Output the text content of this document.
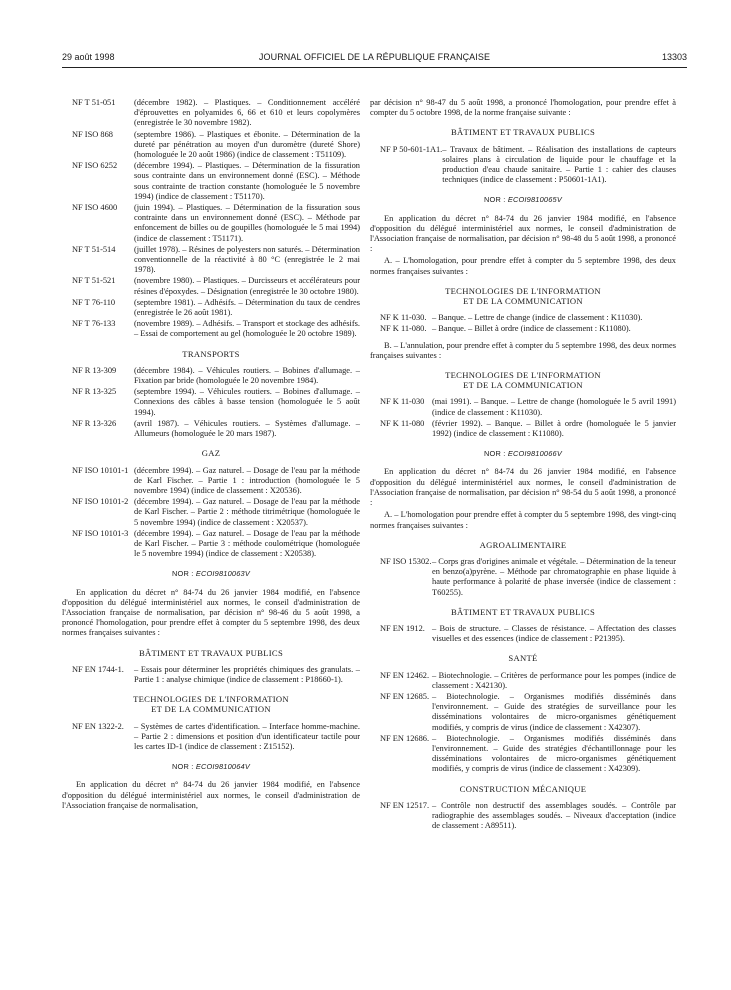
29 août 1998	JOURNAL OFFICIEL DE LA RÉPUBLIQUE FRANÇAISE	13303
NF T 51-051	(décembre 1982). – Plastiques. – Conditionnement accéléré d'éprouvettes en polyamides 6, 66 et 610 et leurs copolymères (enregistrée le 30 novembre 1982).
NF ISO 868	(septembre 1986). – Plastiques et ébonite. – Détermination de la dureté par pénétration au moyen d'un duromètre (dureté Shore) (homologuée le 20 août 1986) (indice de classement : T51109).
NF ISO 6252	(décembre 1994). – Plastiques. – Détermination de la fissuration sous contrainte dans un environnement donné (ESC). – Méthode sous contrainte de traction constante (homologuée le 5 novembre 1994) (indice de classement : T51170).
NF ISO 4600	(juin 1994). – Plastiques. – Détermination de la fissuration sous contrainte dans un environnement donné (ESC). – Méthode par enfoncement de billes ou de goupilles (homologuée le 5 mai 1994) (indice de classement : T51171).
NF T 51-514	(juillet 1978). – Résines de polyesters non saturés. – Détermination conventionnelle de la réactivité à 80 °C (enregistrée le 2 mai 1978).
NF T 51-521	(novembre 1980). – Plastiques. – Durcisseurs et accélérateurs pour résines d'époxydes. – Désignation (enregistrée le 30 octobre 1980).
NF T 76-110	(septembre 1981). – Adhésifs. – Détermination du taux de cendres (enregistrée le 26 août 1981).
NF T 76-133	(novembre 1989). – Adhésifs. – Transport et stockage des adhésifs. – Essai de comportement au gel (homologuée le 20 octobre 1989).
TRANSPORTS
NF R 13-309	(décembre 1984). – Véhicules routiers. – Bobines d'allumage. – Fixation par bride (homologuée le 20 novembre 1984).
NF R 13-325	(septembre 1994). – Véhicules routiers. – Bobines d'allumage. – Connexions des câbles à basse tension (homologuée le 5 août 1994).
NF R 13-326	(avril 1987). – Véhicules routiers. – Systèmes d'allumage. – Allumeurs (homologuée le 20 mars 1987).
GAZ
NF ISO 10101-1 (décembre 1994). – Gaz naturel. – Dosage de l'eau par la méthode de Karl Fischer. – Partie 1 : introduction (homologuée le 5 novembre 1994) (indice de classement : X20536).
NF ISO 10101-2 (décembre 1994). – Gaz naturel. – Dosage de l'eau par la méthode de Karl Fischer. – Partie 2 : méthode titrimétrique (homologuée le 5 novembre 1994) (indice de classement : X20537).
NF ISO 10101-3 (décembre 1994). – Gaz naturel. – Dosage de l'eau par la méthode de Karl Fischer. – Partie 3 : méthode coulométrique (homologuée le 5 novembre 1994) (indice de classement : X20538).
NOR : ECOI9810063V
En application du décret n° 84-74 du 26 janvier 1984 modifié, en l'absence d'opposition du délégué interministériel aux normes, le conseil d'administration de l'Association française de normalisation, par décision n° 98-46 du 5 août 1998, a prononcé l'homologation, pour prendre effet à compter du 5 septembre 1998, des deux normes françaises suivantes :
BÂTIMENT ET TRAVAUX PUBLICS
NF EN 1744-1.	– Essais pour déterminer les propriétés chimiques des granulats. – Partie 1 : analyse chimique (indice de classement : P18660-1).
TECHNOLOGIES DE L'INFORMATION
ET DE LA COMMUNICATION
NF EN 1322-2.	– Systèmes de cartes d'identification. – Interface homme-machine. – Partie 2 : dimensions et position d'un identificateur tactile pour les cartes ID-1 (indice de classement : Z15152).
NOR : ECOI9810064V
En application du décret n° 84-74 du 26 janvier 1984 modifié, en l'absence d'opposition du délégué interministériel aux normes, le conseil d'administration de l'Association française de normalisation,
par décision n° 98-47 du 5 août 1998, a prononcé l'homologation, pour prendre effet à compter du 5 octobre 1998, de la norme française suivante :
BÂTIMENT ET TRAVAUX PUBLICS
NF P 50-601-1A1. – Travaux de bâtiment. – Réalisation des installations de capteurs solaires plans à circulation de liquide pour le chauffage et la production d'eau chaude sanitaire. – Partie 1 : cahier des clauses techniques (indice de classement : P50601-1A1).
NOR : ECOI9810065V
En application du décret n° 84-74 du 26 janvier 1984 modifié, en l'absence d'opposition du délégué interministériel aux normes, le conseil d'administration de l'Association française de normalisation, par décision n° 98-48 du 5 août 1998, a prononcé :
A. – L'homologation, pour prendre effet à compter du 5 septembre 1998, des deux normes françaises suivantes :
TECHNOLOGIES DE L'INFORMATION
ET DE LA COMMUNICATION
NF K 11-030. – Banque. – Lettre de change (indice de classement : K11030).
NF K 11-080. – Banque. – Billet à ordre (indice de classement : K11080).
B. – L'annulation, pour prendre effet à compter du 5 septembre 1998, des deux normes françaises suivantes :
TECHNOLOGIES DE L'INFORMATION
ET DE LA COMMUNICATION
NF K 11-030 (mai 1991). – Banque. – Lettre de change (homologuée le 5 avril 1991) (indice de classement : K11030).
NF K 11-080 (février 1992). – Banque. – Billet à ordre (homologuée le 5 janvier 1992) (indice de classement : K11080).
NOR : ECOI9810066V
En application du décret n° 84-74 du 26 janvier 1984 modifié, en l'absence d'opposition du délégué interministériel aux normes, le conseil d'administration de l'Association française de normalisation, par décision n° 98-54 du 5 août 1998, a prononcé :
A. – L'homologation pour prendre effet à compter du 5 septembre 1998, des vingt-cinq normes françaises suivantes :
AGROALIMENTAIRE
NF ISO 15302. – Corps gras d'origines animale et végétale. – Détermination de la teneur en benzo(a)pyrène. – Méthode par chromatographie en phase liquide à haute performance à polarité de phase inversée (indice de classement : T60255).
BÂTIMENT ET TRAVAUX PUBLICS
NF EN 1912. – Bois de structure. – Classes de résistance. – Affectation des classes visuelles et des essences (indice de classement : P21395).
SANTÉ
NF EN 12462. – Biotechnologie. – Critères de performance pour les pompes (indice de classement : X42130).
NF EN 12685. – Biotechnologie. – Organismes modifiés disséminés dans l'environnement. – Guide des stratégies de surveillance pour les disséminations volontaires de micro-organismes génétiquement modifiés, y compris de virus (indice de classement : X42307).
NF EN 12686. – Biotechnologie. – Organismes modifiés disséminés dans l'environnement. – Guide des stratégies d'échantillonnage pour les disséminations volontaires de micro-organismes génétiquement modifiés, y compris de virus (indice de classement : X42309).
CONSTRUCTION MÉCANIQUE
NF EN 12517. – Contrôle non destructif des assemblages soudés. – Contrôle par radiographie des assemblages soudés. – Niveaux d'acceptation (indice de classement : A89511).
